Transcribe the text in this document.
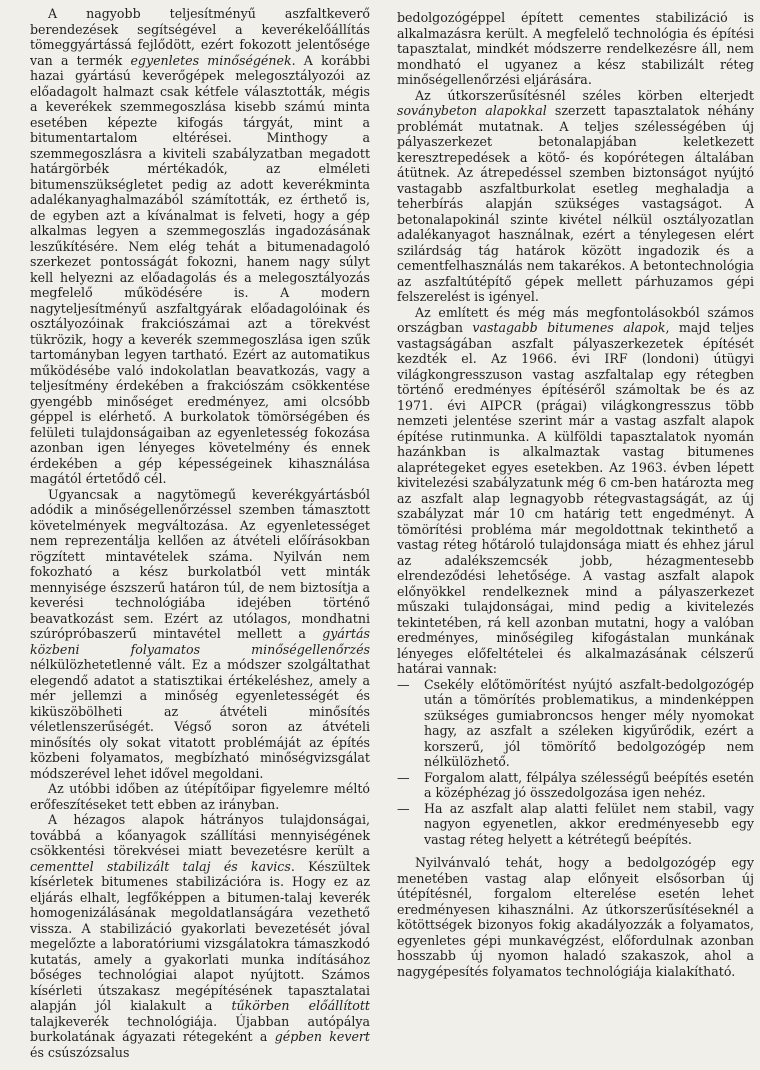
A nagyobb teljesítményű aszfaltkeverő berendezések segítségével a keverékelőállítás tömeggyártássá fejlődött, ezért fokozott jelentősége van a termék egyenletes minőségének. A korábbi hazai gyártású keverőgépek melegosztályozói az előadagolt halmazt csak kétfele választották, mégis a keverékek szemmegoszlása kisebb számú minta esetében képezte kifogás tárgyát, mint a bitumentartalom eltérései. Minthogy a szemmegoszlásra a kiviteli szabályzatban megadott határgörbék mértékadók, az elméleti bitumenszükségletet pedig az adott keverékminta adalékanyaghalmazából számították, ez érthető is, de egyben azt a kívánalmat is felveti, hogy a gép alkalmas legyen a szemmegoszlás ingadozásának leszűkítésére. Nem elég tehát a bitumenadagoló szerkezet pontosságát fokozni, hanem nagy súlyt kell helyezni az előadagolás és a melegosztályozás megfelelő működésére is. A modern nagyteljesítményű aszfaltgyárak előadagolóinak és osztályozóinak frakciószámai azt a törekvést tükrözik, hogy a keverék szemmegoszlása igen szűk tartományban legyen tartható. Ezért az automatikus működésébe való indokolatlan beavatkozás, vagy a teljesítmény érdekében a frakciószám csökkentése gyengébb minőséget eredményez, ami olcsóbb géppel is elérhető. A burkolatok tömörségében és felületi tulajdonságaiban az egyenletesség fokozása azonban igen lényeges követelmény és ennek érdekében a gép képességeinek kihasználása magától értetődő cél.

Ugyancsak a nagytömegű keverékgyártásból adódik a minőségellenőrzéssel szemben támasztott követelmények megváltozása. Az egyenletességet nem reprezentálja kellően az átvételi előírásokban rögzített mintavételek száma. Nyilván nem fokozható a kész burkolatból vett minták mennyisége észszerű határon túl, de nem biztosítja a keverési technológiába idejében történő beavatkozást sem. Ezért az utólagos, mondhatni szúrópróbaszerű mintavétel mellett a gyártás közbeni folyamatos minőségellenőrzés nélkülözhetetlenné vált. Ez a módszer szolgáltathat elegendő adatot a statisztikai értékeléshez, amely a mér jellemzi a minőség egyenletességét és kiküszöbölheti az átvételi minősítés véletlenszerűségét. Végső soron az átvételi minősítés oly sokat vitatott problémáját az építés közbeni folyamatos, megbízható minőségvizsgálat módszerével lehet idővel megoldani.

Az utóbbi időben az útépítőipar figyelemre méltó erőfeszítéseket tett ebben az irányban.

A hézagos alapok hátrányos tulajdonságai, továbbá a kőanyagok szállítási mennyiségének csökkentési törekvései miatt bevezetésre került a cementtel stabilizált talaj és kavics. Készültek kísérletek bitumenes stabilizációra is. Hogy ez az eljárás elhalt, legfőképpen a bitumen-talaj keverék homogenizálásának megoldatlanságára vezethető vissza. A stabilizáció gyakorlati bevezetését jóval megelőzte a laboratóriumi vizsgálatokra támaszkodó kutatás, amely a gyakorlati munka indításához bőséges technológiai alapot nyújtott. Számos kísérleti útszakasz megépítésének tapasztalatai alapján jól kialakult a tűkörben előállított talajkeverék technológiája. Újabban autópálya burkolatának ágyazati rétegeként a gépben kevert és csúszózsalus

bedolgozógéppel épített cementes stabilizáció is alkalmazásra került. A megfelelő technológia és építési tapasztalat, mindkét módszerre rendelkezésre áll, nem mondható el ugyanez a kész stabilizált réteg minőségellenőrzési eljárására.

Az útkorszerűsítésnél széles körben elterjedt soványbeton alapokkal szerzett tapasztalatok néhány problémát mutatnak. A teljes szélességében új pályaszerkezet betonalapjában keletkezett keresztrepedések a kötő- és kopórétegen általában átütnek. Az átrepedéssel szemben biztonságot nyújtó vastagabb aszfaltburkolat esetleg meghaladja a teherbírás alapján szükséges vastagságot. A betonalapokinál szinte kivétel nélkül osztályozatlan adalékanyagot használnak, ezért a ténylegesen elért szilárdság tág határok között ingadozik és a cementfelhasználás nem takarékos. A betontechnológia az aszfaltútépítő gépek mellett párhuzamos gépi felszerelést is igényel.

Az említett és még más megfontolásokból számos országban vastagabb bitumenes alapok, majd teljes vastagságában aszfalt pályaszerkezetek építését kezdték el. Az 1966. évi IRF (londoni) útügyi világkongresszuson vastag aszfaltalap egy rétegben történő eredményes építéséről számoltak be és az 1971. évi AIPCR (prágai) világkongresszus több nemzeti jelentése szerint már a vastag aszfalt alapok építése rutinmunka. A külföldi tapasztalatok nyomán hazánkban is alkalmaztak vastag bitumenes alaprétegeket egyes esetekben. Az 1963. évben lépett kivitelezési szabályzatunk még 6 cm-ben határozta meg az aszfalt alap legnagyobb rétegvastagságát, az új szabályzat már 10 cm határig tett engedményt. A tömörítési probléma már megoldottnak tekinthető a vastag réteg hőtároló tulajdonsága miatt és ehhez járul az adalékszemcsék jobb, hézagmentesebb elrendeződési lehetősége. A vastag aszfalt alapok előnyökkel rendelkeznek mind a pályaszerkezet műszaki tulajdonságai, mind pedig a kivitelezés tekintetében, rá kell azonban mutatni, hogy a valóban eredményes, minőségileg kifogástalan munkának lényeges előfeltételei és alkalmazásának célszerű határai vannak:

— Csekély előtömörítést nyújtó aszfalt-bedolgozógép után a tömörítés problematikus, a mindenképpen szükséges gumiabroncsos henger mély nyomokat hagy, az aszfalt a széleken kigyűrődik, ezért a korszerű, jól tömörítő bedolgozógép nem nélkülözhető.
— Forgalom alatt, félpálya szélességű beépítés esetén a középhézag jó összedolgozása igen nehéz.
— Ha az aszfalt alap alatti felület nem stabil, vagy nagyon egyenetlen, akkor eredményesebb egy vastag réteg helyett a kétrétegű beépítés.

Nyilvánvaló tehát, hogy a bedolgozógép egy menetében vastag alap előnyeit elsősorban új útépítésnél, forgalom elterelése esetén lehet eredményesen kihasználni. Az útkorszerűsítéseknél a kötöttségek bizonyos fokig akadályozzák a folyamatos, egyenletes gépi munkavégzést, előfordulnak azonban hosszabb új nyomon haladó szakaszok, ahol a nagygépesítés folyamatos technológiája kialakítható.
